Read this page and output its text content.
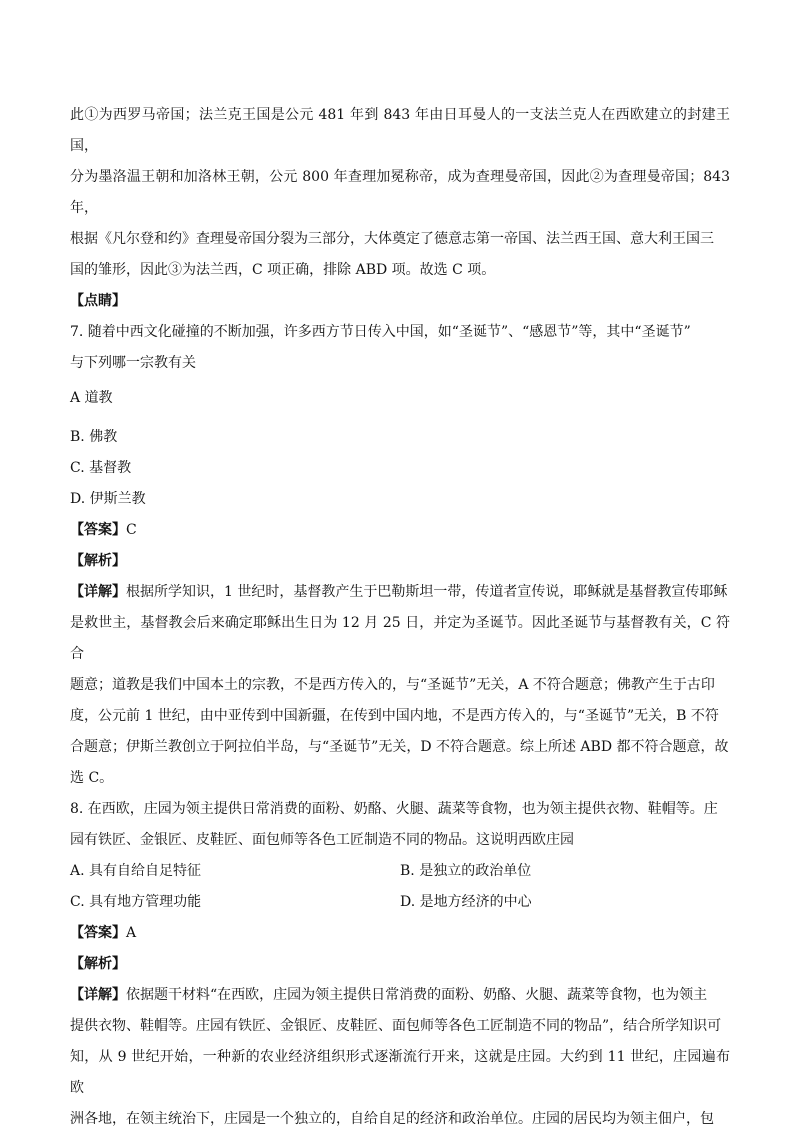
此①为西罗马帝国；法兰克王国是公元 481 年到 843 年由日耳曼人的一支法兰克人在西欧建立的封建王国，

分为墨洛温王朝和加洛林王朝，公元 800 年查理加冕称帝，成为查理曼帝国，因此②为查理曼帝国；843 年，

根据《凡尔登和约》查理曼帝国分裂为三部分，大体奠定了德意志第一帝国、法兰西王国、意大利王国三

国的雏形，因此③为法兰西，C 项正确，排除 ABD 项。故选 C 项。

【点睛】

7. 随着中西文化碰撞的不断加强，许多西方节日传入中国，如“圣诞节”、“感恩节”等，其中“圣诞节”

与下列哪一宗教有关

A 道教

B. 佛教

C. 基督教

D. 伊斯兰教

【答案】C

【解析】

【详解】根据所学知识，1 世纪时，基督教产生于巴勒斯坦一带，传道者宣传说，耶稣就是基督教宣传耶稣

是救世主，基督教会后来确定耶稣出生日为 12 月 25 日，并定为圣诞节。因此圣诞节与基督教有关，C 符合

题意；道教是我们中国本土的宗教，不是西方传入的，与“圣诞节”无关，A 不符合题意；佛教产生于古印

度，公元前 1 世纪，由中亚传到中国新疆，在传到中国内地，不是西方传入的，与“圣诞节”无关，B 不符

合题意；伊斯兰教创立于阿拉伯半岛，与“圣诞节”无关，D 不符合题意。综上所述 ABD 都不符合题意，故

选 C。

8. 在西欧，庄园为领主提供日常消费的面粉、奶酪、火腿、蔬菜等食物，也为领主提供衣物、鞋帽等。庄

园有铁匠、金银匠、皮鞋匠、面包师等各色工匠制造不同的物品。这说明西欧庄园

A. 具有自给自足特征	B. 是独立的政治单位
C. 具有地方管理功能	D. 是地方经济的中心

【答案】A

【解析】

【详解】依据题干材料“在西欧，庄园为领主提供日常消费的面粉、奶酪、火腿、蔬菜等食物，也为领主

提供衣物、鞋帽等。庄园有铁匠、金银匠、皮鞋匠、面包师等各色工匠制造不同的物品”，结合所学知识可

知，从 9 世纪开始，一种新的农业经济组织形式逐渐流行开来，这就是庄园。大约到 11 世纪，庄园遍布欧

洲各地，在领主统治下，庄园是一个独立的，自给自足的经济和政治单位。庄园的居民均为领主佃户，包
